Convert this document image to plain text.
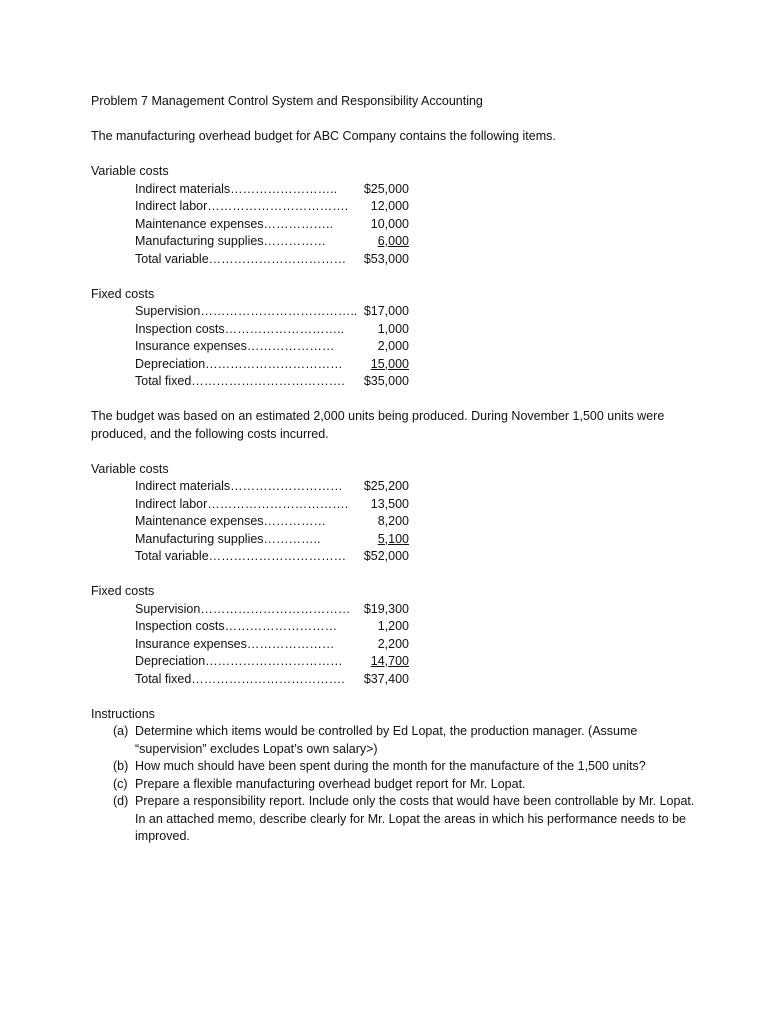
Problem 7 Management Control System and Responsibility Accounting
The manufacturing overhead budget for ABC Company contains the following items.
Variable costs
Indirect materials……………………..	$25,000
Indirect labor…………………………….	12,000
Maintenance expenses……………..	10,000
Manufacturing supplies……………	6,000
Total variable……………………………	$53,000
Fixed costs
Supervision……………………………….. $17,000
Inspection costs………………………..	1,000
Insurance expenses…………………	2,000
Depreciation……………………………	15,000
Total fixed……………………………….	$35,000
The budget was based on an estimated 2,000 units being produced. During November 1,500 units were
produced, and the following costs incurred.
Variable costs
Indirect materials………………………	$25,200
Indirect labor…………………………….	13,500
Maintenance expenses……………	8,200
Manufacturing supplies…………..	5,100
Total variable……………………………	$52,000
Fixed costs
Supervision………………………………	$19,300
Inspection costs………………………	1,200
Insurance expenses…………………	2,200
Depreciation……………………………	14,700
Total fixed……………………………….	$37,400
Instructions
(a) Determine which items would be controlled by Ed Lopat, the production manager. (Assume “supervision” excludes Lopat’s own salary>)
(b) How much should have been spent during the month for the manufacture of the 1,500 units?
(c) Prepare a flexible manufacturing overhead budget report for Mr. Lopat.
(d) Prepare a responsibility report. Include only the costs that would have been controllable by Mr. Lopat. In an attached memo, describe clearly for Mr. Lopat the areas in which his performance needs to be improved.
